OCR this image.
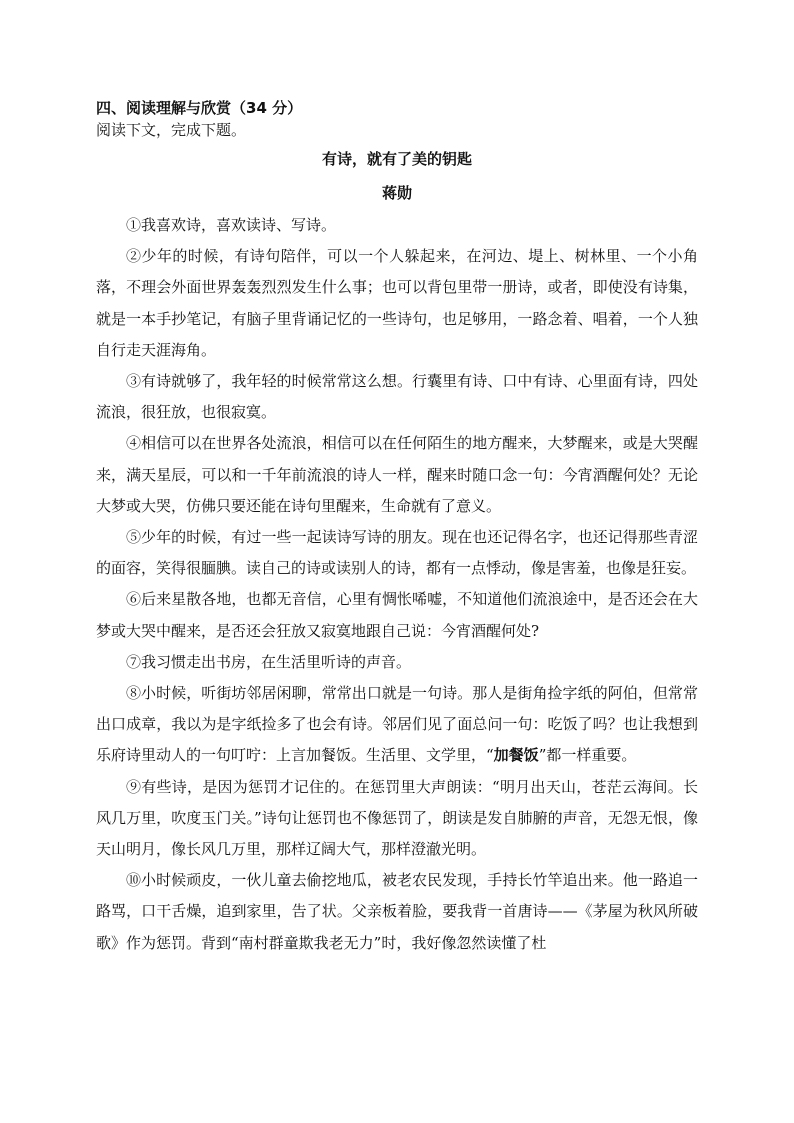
四、阅读理解与欣赏（34 分）
阅读下文，完成下题。
有诗，就有了美的钥匙
蒋勋

①我喜欢诗，喜欢读诗、写诗。

②少年的时候，有诗句陪伴，可以一个人躲起来，在河边、堤上、树林里、一个小角落，不理会外面世界轰轰烈烈发生什么事；也可以背包里带一册诗，或者，即使没有诗集，就是一本手抄笔记，有脑子里背诵记忆的一些诗句，也足够用，一路念着、唱着，一个人独自行走天涯海角。

③有诗就够了，我年轻的时候常常这么想。行囊里有诗、口中有诗、心里面有诗，四处流浪，很狂放，也很寂寞。

④相信可以在世界各处流浪，相信可以在任何陌生的地方醒来，大梦醒来，或是大哭醒来，满天星辰，可以和一千年前流浪的诗人一样，醒来时随口念一句：今宵酒醒何处？无论大梦或大哭，仿佛只要还能在诗句里醒来，生命就有了意义。

⑤少年的时候，有过一些一起读诗写诗的朋友。现在也还记得名字，也还记得那些青涩的面容，笑得很腼腆。读自己的诗或读别人的诗，都有一点悸动，像是害羞，也像是狂妄。

⑥后来星散各地，也都无音信，心里有惆怅唏嘘，不知道他们流浪途中，是否还会在大梦或大哭中醒来，是否还会狂放又寂寞地跟自己说：今宵酒醒何处?

⑦我习惯走出书房，在生活里听诗的声音。

⑧小时候，听街坊邻居闲聊，常常出口就是一句诗。那人是街角捡字纸的阿伯，但常常出口成章，我以为是字纸捡多了也会有诗。邻居们见了面总问一句：吃饭了吗？也让我想到乐府诗里动人的一句叮咛：上言加餐饭。生活里、文学里，“加餐饭”都一样重要。

⑨有些诗，是因为惩罚才记住的。在惩罚里大声朗读：“明月出天山，苍茫云海间。长风几万里，吹度玉门关。”诗句让惩罚也不像惩罚了，朗读是发自肺腑的声音，无怨无恨，像天山明月，像长风几万里，那样辽阔大气，那样澄澈光明。

⑩小时候顽皮，一伙儿童去偷挖地瓜，被老农民发现，手持长竹竿追出来。他一路追一路骂，口干舌燥，追到家里，告了状。父亲板着脸，要我背一首唐诗——《茅屋为秋风所破歌》作为惩罚。背到“南村群童欺我老无力”时，我好像忽然读懂了杜
